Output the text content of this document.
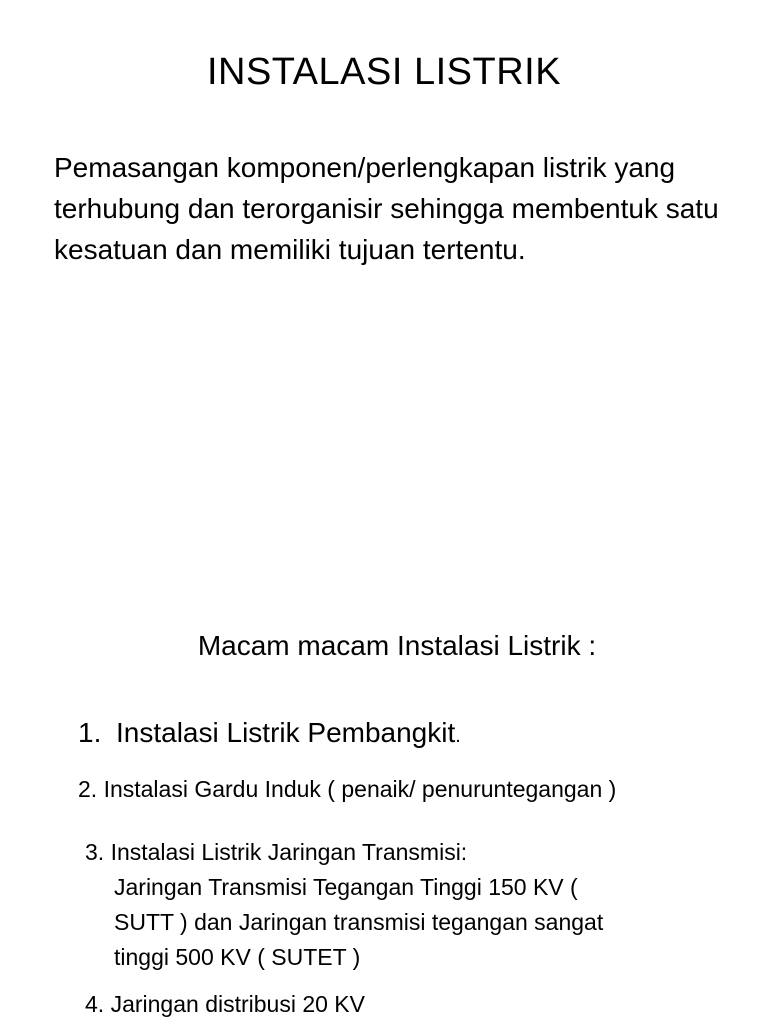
INSTALASI LISTRIK
Pemasangan komponen/perlengkapan listrik yang terhubung dan terorganisir sehingga membentuk satu kesatuan dan memiliki tujuan tertentu.
Macam macam Instalasi Listrik :
1. Instalasi Listrik Pembangkit.
2. Instalasi Gardu Induk ( penaik/ penuruntegangan )
3. Instalasi Listrik Jaringan Transmisi:
Jaringan Transmisi Tegangan Tinggi 150 KV (
SUTT ) dan Jaringan transmisi tegangan sangat
tinggi 500 KV ( SUTET )
4. Jaringan distribusi 20 KV
